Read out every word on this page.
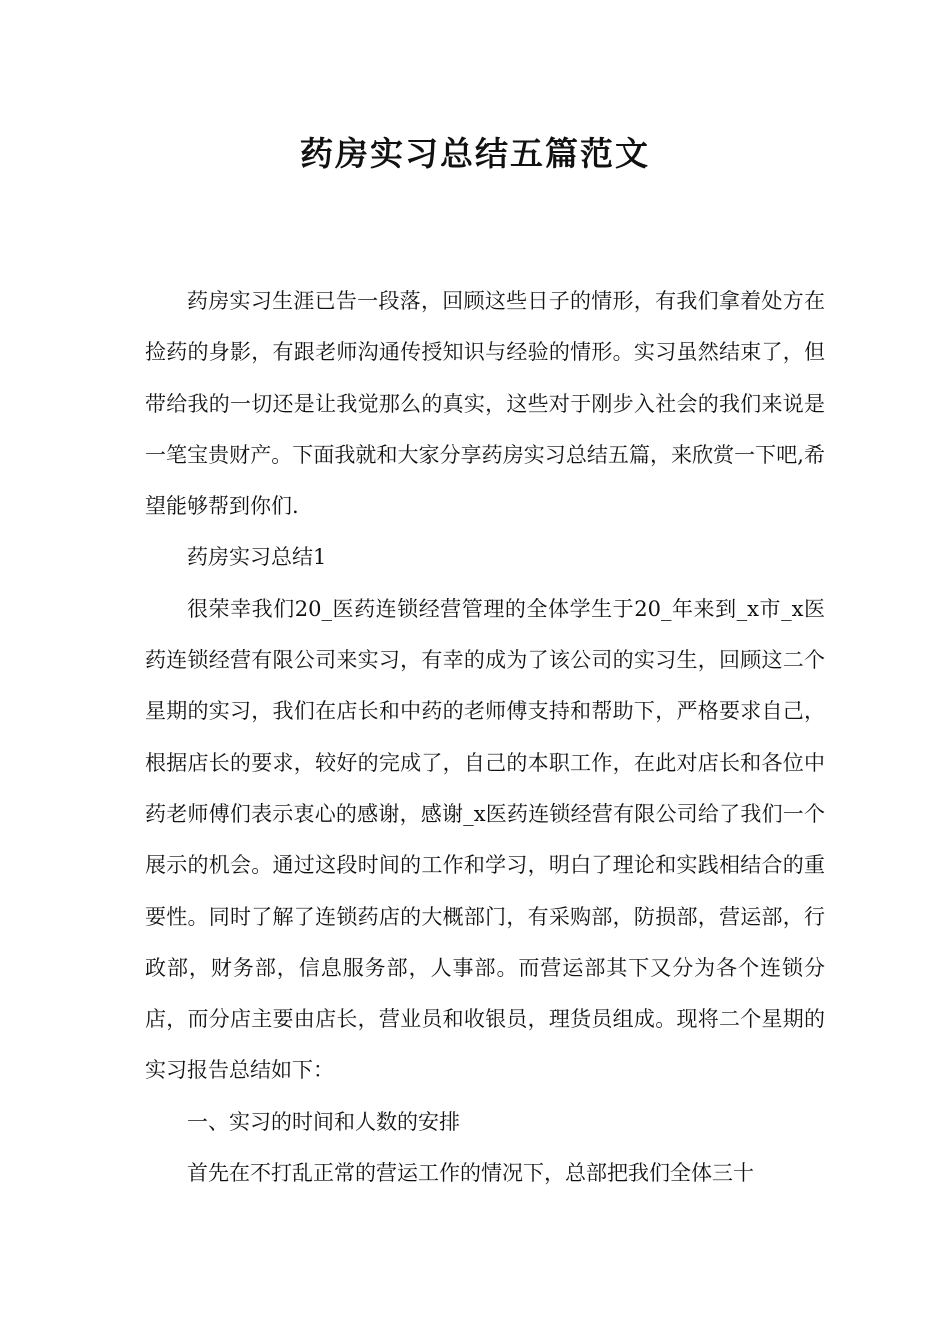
药房实习总结五篇范文

药房实习生涯已告一段落，回顾这些日子的情形，有我们拿着处方在捡药的身影，有跟老师沟通传授知识与经验的情形。实习虽然结束了，但带给我的一切还是让我觉那么的真实，这些对于刚步入社会的我们来说是一笔宝贵财产。下面我就和大家分享药房实习总结五篇，来欣赏一下吧,希望能够帮到你们.

药房实习总结1

很荣幸我们20_医药连锁经营管理的全体学生于20_年来到_x市_x医药连锁经营有限公司来实习，有幸的成为了该公司的实习生，回顾这二个星期的实习，我们在店长和中药的老师傅支持和帮助下，严格要求自己，根据店长的要求，较好的完成了，自己的本职工作，在此对店长和各位中药老师傅们表示衷心的感谢，感谢_x医药连锁经营有限公司给了我们一个展示的机会。通过这段时间的工作和学习，明白了理论和实践相结合的重要性。同时了解了连锁药店的大概部门，有采购部，防损部，营运部，行政部，财务部，信息服务部，人事部。而营运部其下又分为各个连锁分店，而分店主要由店长，营业员和收银员，理货员组成。现将二个星期的实习报告总结如下：

一、实习的时间和人数的安排

首先在不打乱正常的营运工作的情况下，总部把我们全体三十
